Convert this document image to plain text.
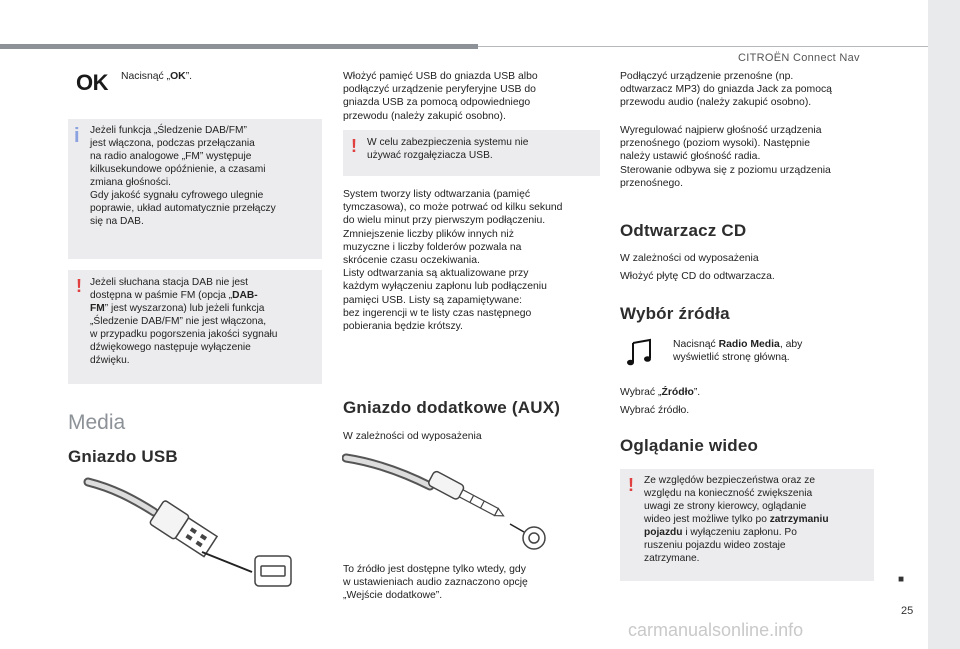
CITROËN Connect Nav
■
25
carmanualsonline.info
OK Nacisnąć „OK”.

i Jeżeli funkcja „Śledzenie DAB/FM”
jest włączona, podczas przełączania
na radio analogowe „FM” występuje
kilkusekundowe opóźnienie, a czasami
zmiana głośności.
Gdy jakość sygnału cyfrowego ulegnie
poprawie, układ automatycznie przełączy
się na DAB.
! Jeżeli słuchana stacja DAB nie jest
dostępna w paśmie FM (opcja „DAB-
FM” jest wyszarzona) lub jeżeli funkcja
„Śledzenie DAB/FM” nie jest włączona,
w przypadku pogorszenia jakości sygnału
dźwiękowego następuje wyłączenie
dźwięku.
Media
Gniazdo USB
Włożyć pamięć USB do gniazda USB albo
podłączyć urządzenie peryferyjne USB do
gniazda USB za pomocą odpowiedniego
przewodu (należy zakupić osobno).
! W celu zabezpieczenia systemu nie
używać rozgałęziacza USB.
System tworzy listy odtwarzania (pamięć
tymczasowa), co może potrwać od kilku sekund
do wielu minut przy pierwszym podłączeniu.
Zmniejszenie liczby plików innych niż
muzyczne i liczby folderów pozwala na
skrócenie czasu oczekiwania.
Listy odtwarzania są aktualizowane przy
każdym wyłączeniu zapłonu lub podłączeniu
pamięci USB. Listy są zapamiętywane:
bez ingerencji w te listy czas następnego
pobierania będzie krótszy.
Gniazdo dodatkowe (AUX)
W zależności od wyposażenia
To źródło jest dostępne tylko wtedy, gdy
w ustawieniach audio zaznaczono opcję
„Wejście dodatkowe”.
Podłączyć urządzenie przenośne (np.
odtwarzacz MP3) do gniazda Jack za pomocą
przewodu audio (należy zakupić osobno).
Wyregulować najpierw głośność urządzenia
przenośnego (poziom wysoki). Następnie
należy ustawić głośność radia.
Sterowanie odbywa się z poziomu urządzenia
przenośnego.
Odtwarzacz CD
W zależności od wyposażenia
Włożyć płytę CD do odtwarzacza.
Wybór źródła
Nacisnąć Radio Media, aby
wyświetlić stronę główną.
Wybrać „Źródło”.
Wybrać źródło.
Oglądanie wideo
! Ze względów bezpieczeństwa oraz ze
względu na konieczność zwiększenia
uwagi ze strony kierowcy, oglądanie
wideo jest możliwe tylko po zatrzymaniu
pojazdu i wyłączeniu zapłonu. Po
ruszeniu pojazdu wideo zostaje
zatrzymane.
